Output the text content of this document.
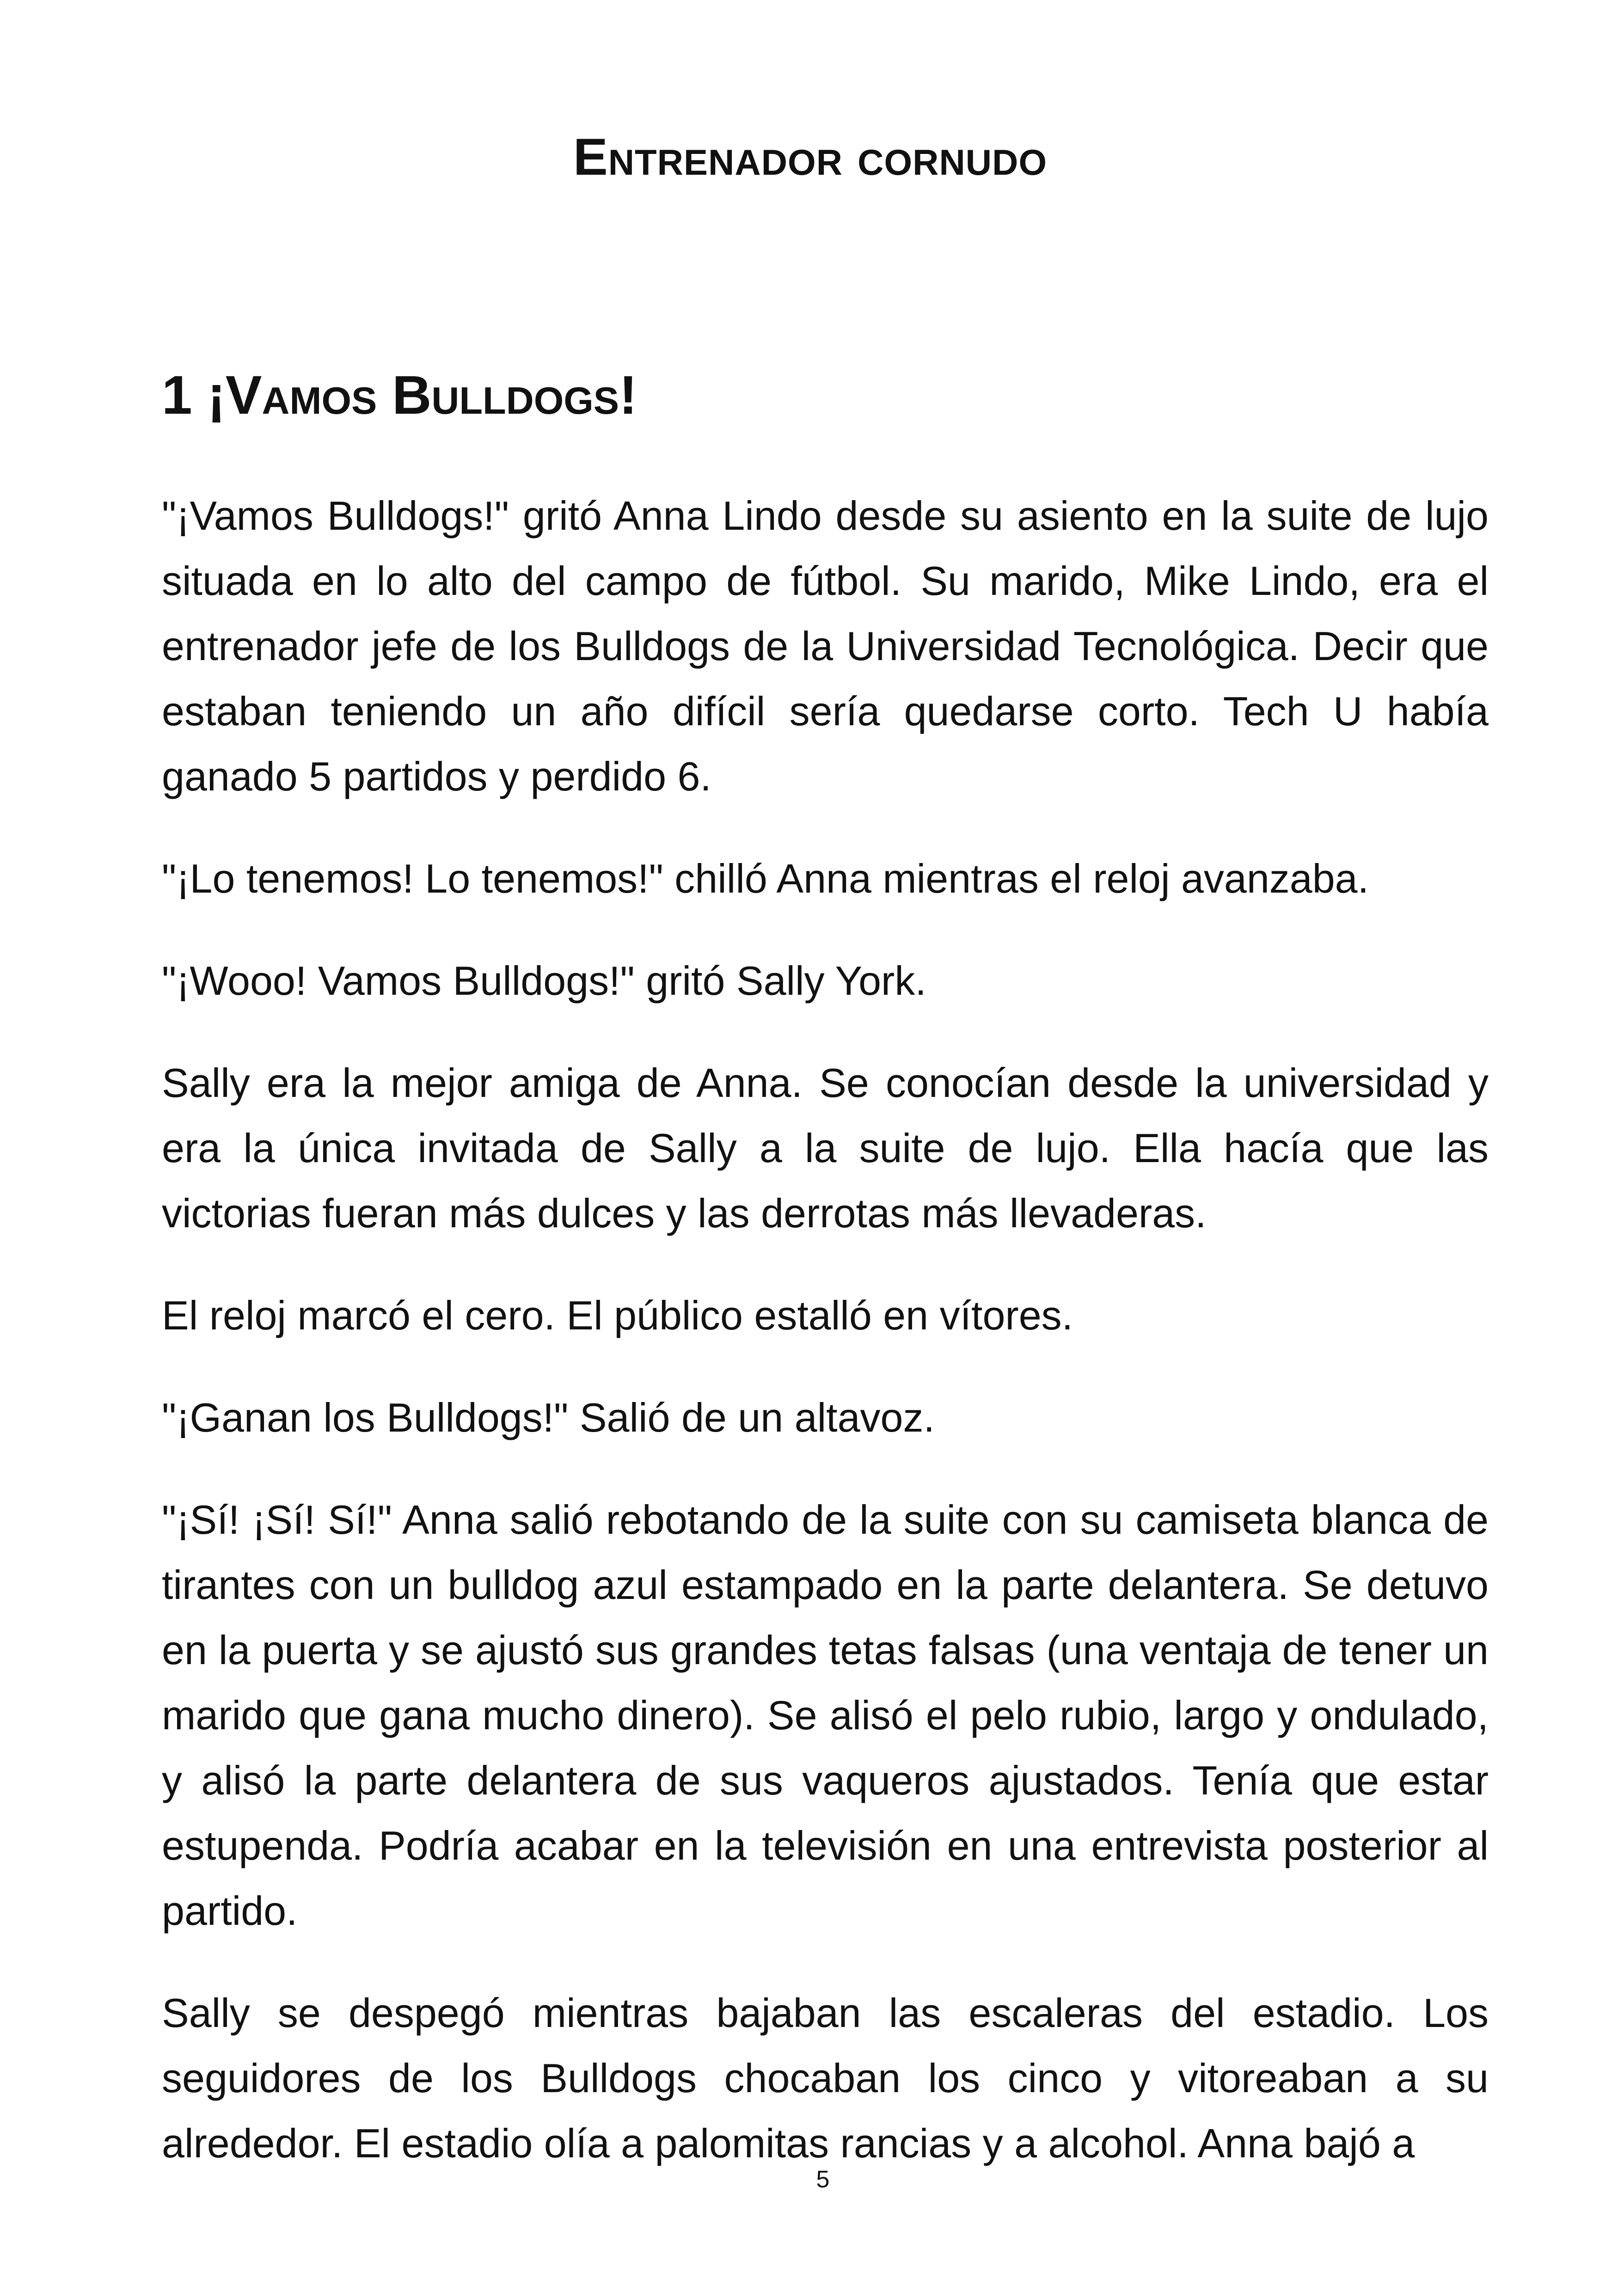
Entrenador cornudo
1 ¡Vamos Bulldogs!

"¡Vamos Bulldogs!" gritó Anna Lindo desde su asiento en la suite de lujo situada en lo alto del campo de fútbol. Su marido, Mike Lindo, era el entrenador jefe de los Bulldogs de la Universidad Tecnológica. Decir que estaban teniendo un año difícil sería quedarse corto. Tech U había ganado 5 partidos y perdido 6.

"¡Lo tenemos! Lo tenemos!" chilló Anna mientras el reloj avanzaba.

"¡Wooo! Vamos Bulldogs!" gritó Sally York.

Sally era la mejor amiga de Anna. Se conocían desde la universidad y era la única invitada de Sally a la suite de lujo. Ella hacía que las victorias fueran más dulces y las derrotas más llevaderas.

El reloj marcó el cero. El público estalló en vítores.

"¡Ganan los Bulldogs!" Salió de un altavoz.

"¡Sí! ¡Sí! Sí!" Anna salió rebotando de la suite con su camiseta blanca de tirantes con un bulldog azul estampado en la parte delantera. Se detuvo en la puerta y se ajustó sus grandes tetas falsas (una ventaja de tener un marido que gana mucho dinero). Se alisó el pelo rubio, largo y ondulado, y alisó la parte delantera de sus vaqueros ajustados. Tenía que estar estupenda. Podría acabar en la televisión en una entrevista posterior al partido.

Sally se despegó mientras bajaban las escaleras del estadio. Los seguidores de los Bulldogs chocaban los cinco y vitoreaban a su alrededor. El estadio olía a palomitas rancias y a alcohol. Anna bajó a

5
